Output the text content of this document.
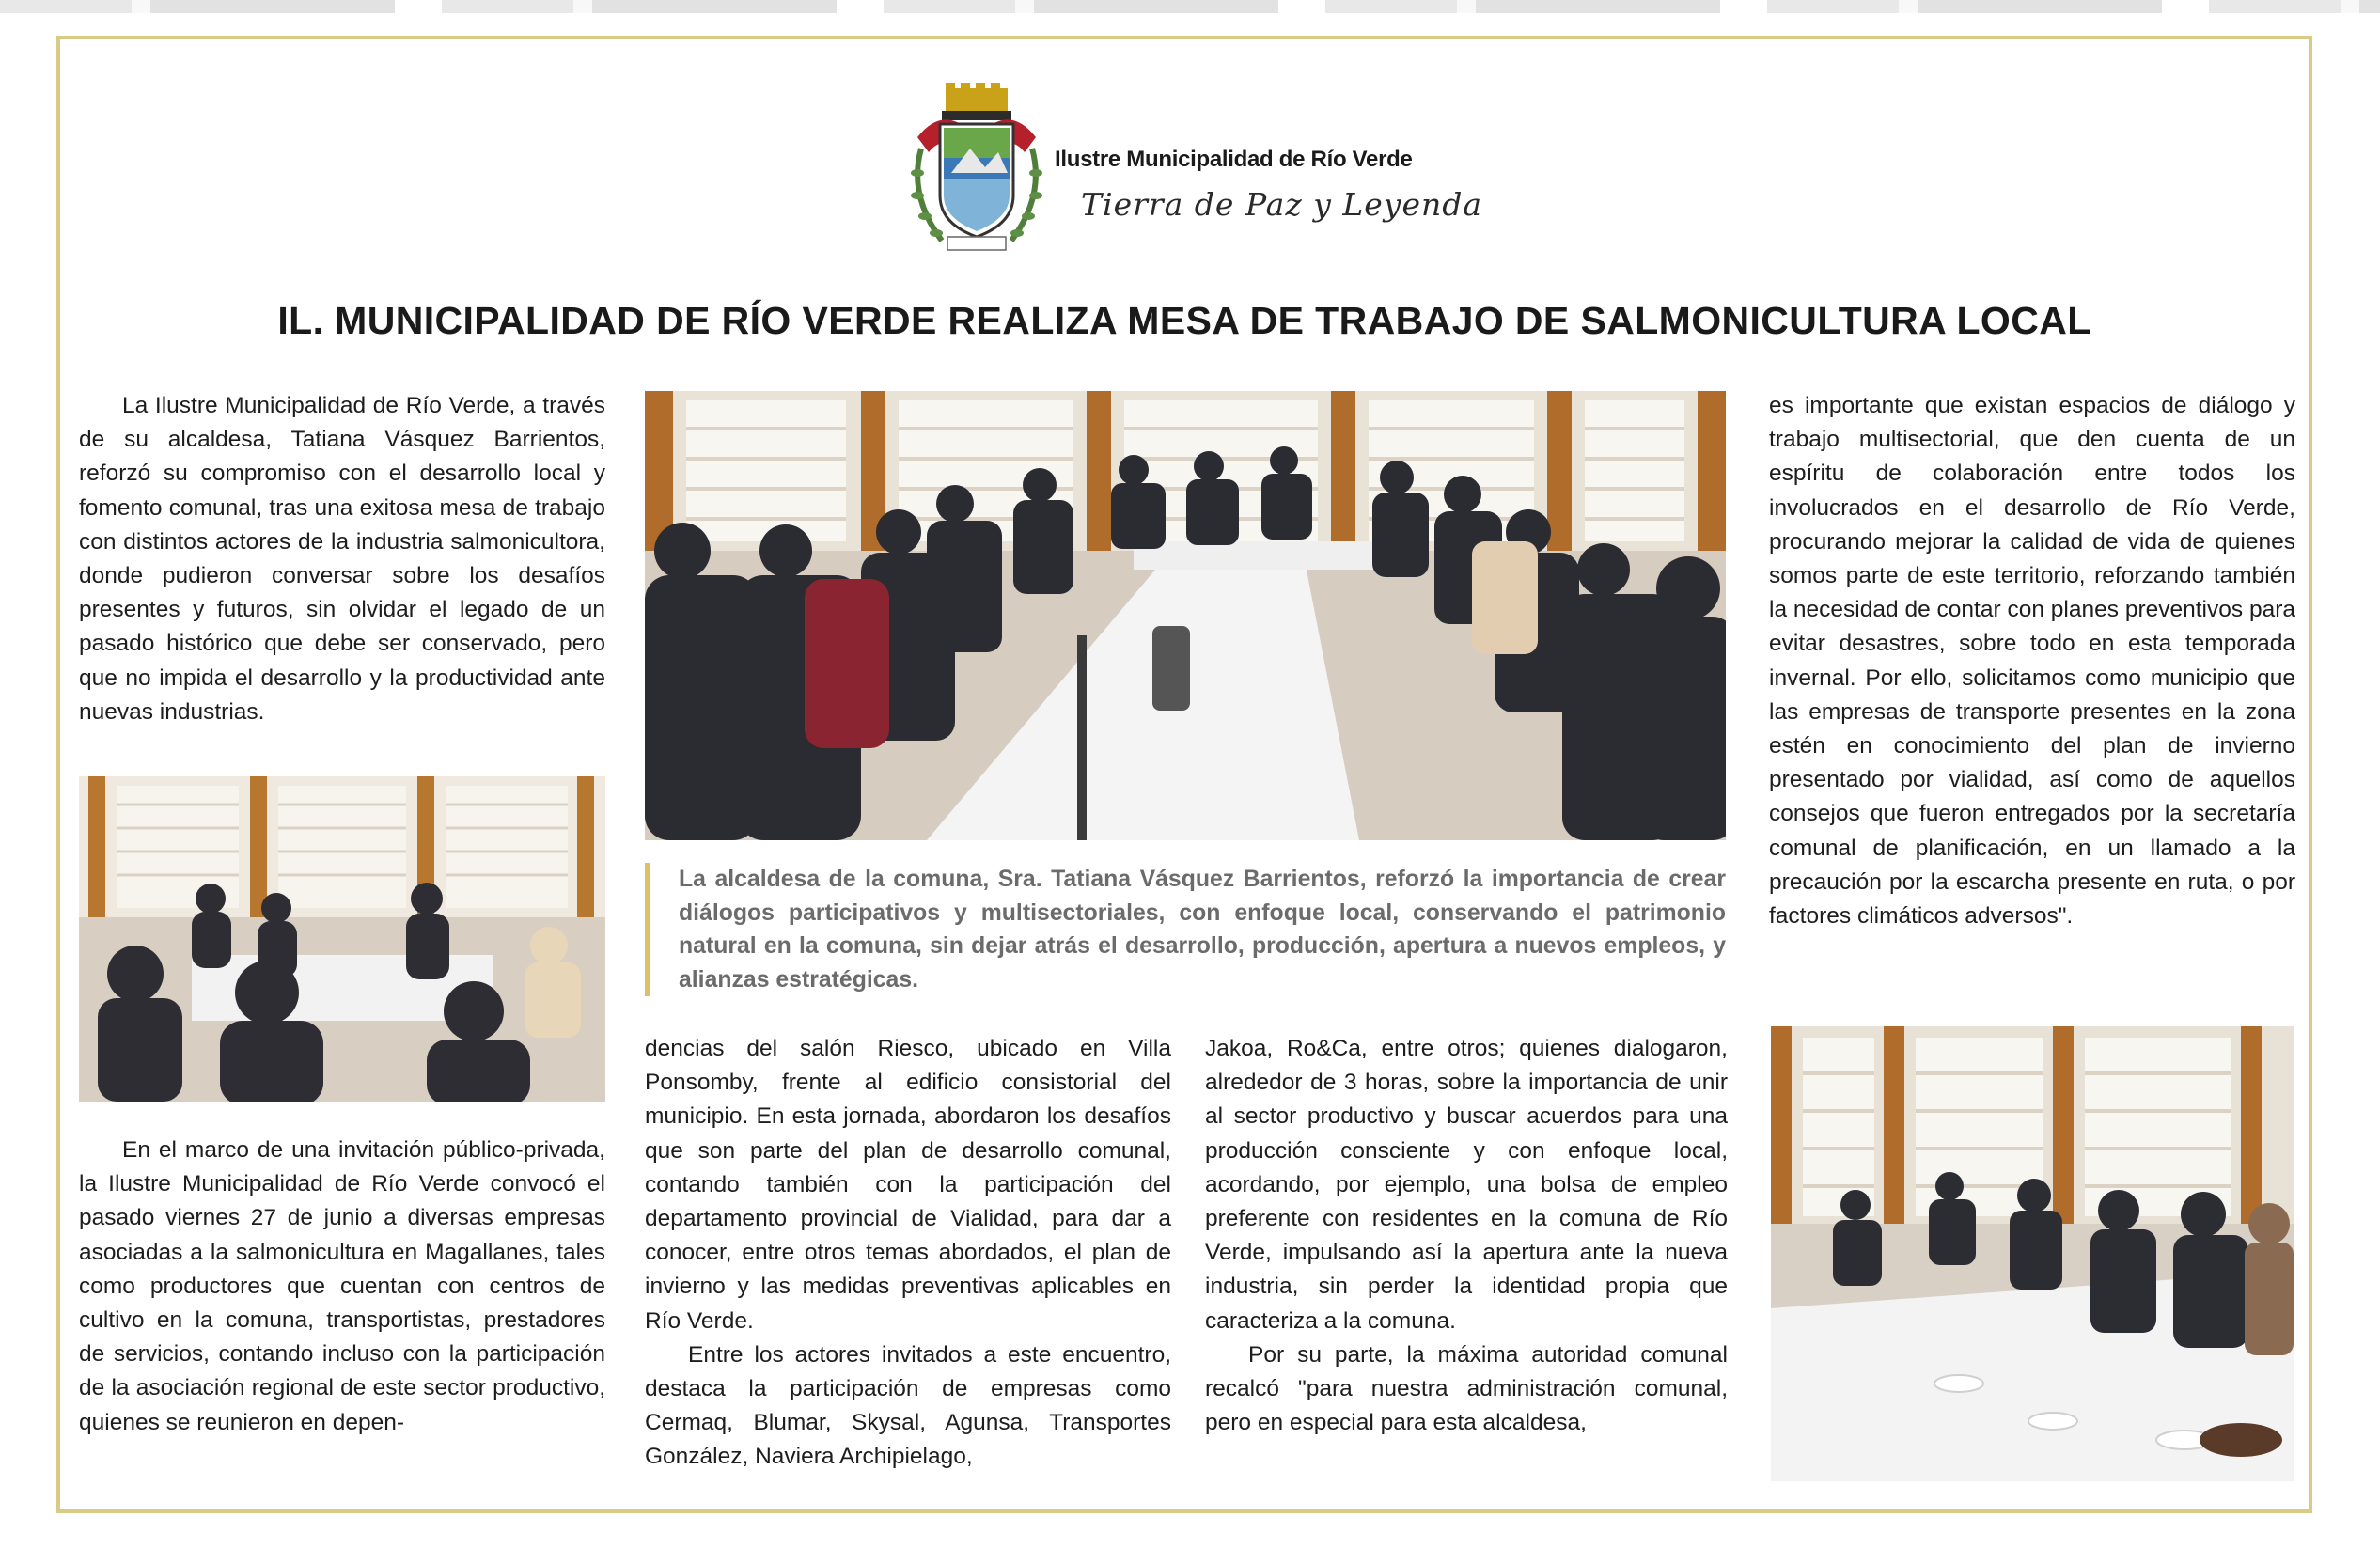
Ilustre Municipalidad de Río Verde
Tierra de Paz y Leyenda
IL. MUNICIPALIDAD DE RÍO VERDE REALIZA MESA DE TRABAJO DE SALMONICULTURA LOCAL

La Ilustre Municipalidad de Río Verde, a través de su alcaldesa, Tatiana Vásquez Barrientos, reforzó su compromiso con el desarrollo local y fomento comunal, tras una exitosa mesa de trabajo con distintos actores de la industria salmonicultora, donde pudieron conversar sobre los desafíos presentes y futuros, sin olvidar el legado de un pasado histórico que debe ser conservado, pero que no impida el desarrollo y la productividad ante nuevas industrias.

En el marco de una invitación público-privada, la Ilustre Municipalidad de Río Verde convocó el pasado viernes 27 de junio a diversas empresas asociadas a la salmonicultura en Magallanes, tales como productores que cuentan con centros de cultivo en la comuna, transportistas, prestadores de servicios, contando incluso con la participación de la asociación regional de este sector productivo, quienes se reunieron en depen-

La alcaldesa de la comuna, Sra. Tatiana Vásquez Barrientos, reforzó la importancia de crear diálogos participativos y multisectoriales, con enfoque local, conservando el patrimonio natural en la comuna, sin dejar atrás el desarrollo, producción, apertura a nuevos empleos, y alianzas estratégicas.

dencias del salón Riesco, ubicado en Villa Ponsomby, frente al edificio consistorial del municipio. En esta jornada, abordaron los desafíos que son parte del plan de desarrollo comunal, contando también con la participación del departamento provincial de Vialidad, para dar a conocer, entre otros temas abordados, el plan de invierno y las medidas preventivas aplicables en Río Verde.

Entre los actores invitados a este encuentro, destaca la participación de empresas como Cermaq, Blumar, Skysal, Agunsa, Transportes González, Naviera Archipielago,

Jakoa, Ro&Ca, entre otros; quienes dialogaron, alrededor de 3 horas, sobre la importancia de unir al sector productivo y buscar acuerdos para una producción consciente y con enfoque local, acordando, por ejemplo, una bolsa de empleo preferente con residentes en la comuna de Río Verde, impulsando así la apertura ante la nueva industria, sin perder la identidad propia que caracteriza a la comuna.

Por su parte, la máxima autoridad comunal recalcó "para nuestra administración comunal, pero en especial para esta alcaldesa,

es importante que existan espacios de diálogo y trabajo multisectorial, que den cuenta de un espíritu de colaboración entre todos los involucrados en el desarrollo de Río Verde, procurando mejorar la calidad de vida de quienes somos parte de este territorio, reforzando también la necesidad de contar con planes preventivos para evitar desastres, sobre todo en esta temporada invernal. Por ello, solicitamos como municipio que las empresas de transporte presentes en la zona estén en conocimiento del plan de invierno presentado por vialidad, así como de aquellos consejos que fueron entregados por la secretaría comunal de planificación, en un llamado a la precaución por la escarcha presente en ruta, o por factores climáticos adversos".
